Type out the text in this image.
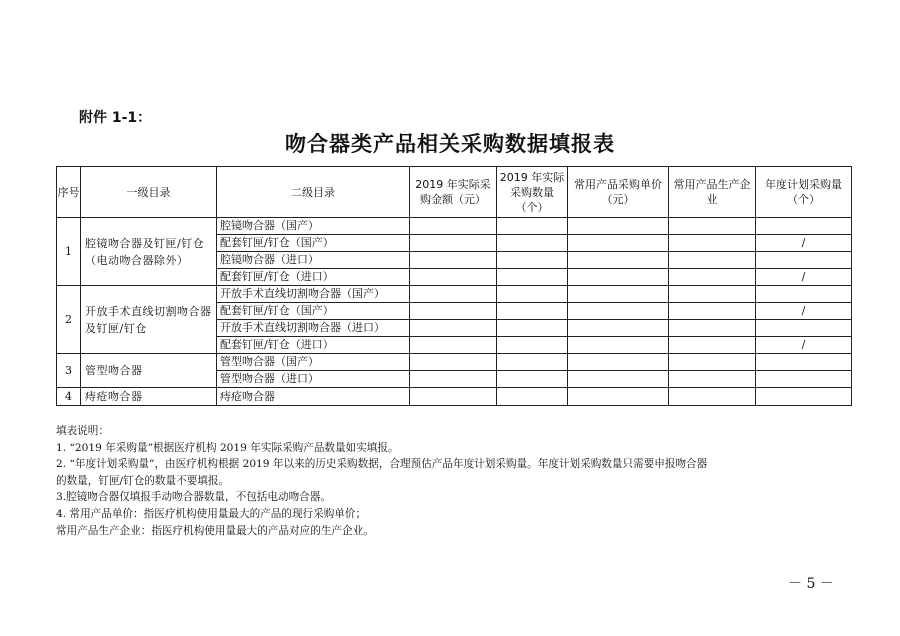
附件 1-1：
吻合器类产品相关采购数据填报表
序号	一级目录	二级目录	2019 年实际采购金额（元）	2019 年实际采购数量（个）	常用产品采购单价（元）	常用产品生产企业	年度计划采购量（个）
1	腔镜吻合器及钉匣/钉仓（电动吻合器除外）	腔镜吻合器（国产）					
		配套钉匣/钉仓（国产）					/
		腔镜吻合器（进口）					
		配套钉匣/钉仓（进口）					/
2	开放手术直线切割吻合器及钉匣/钉仓	开放手术直线切割吻合器（国产）					
		配套钉匣/钉仓（国产）					/
		开放手术直线切割吻合器（进口）					
		配套钉匣/钉仓（进口）					/
3	管型吻合器	管型吻合器（国产）					
		管型吻合器（进口）					
4	痔疮吻合器	痔疮吻合器					
填表说明：
1. “2019 年采购量”根据医疗机构 2019 年实际采购产品数量如实填报。
2. “年度计划采购量”，由医疗机构根据 2019 年以来的历史采购数据，合理预估产品年度计划采购量。年度计划采购数量只需要申报吻合器
的数量，钉匣/钉仓的数量不要填报。
3.腔镜吻合器仅填报手动吻合器数量，不包括电动吻合器。
4. 常用产品单价：指医疗机构使用量最大的产品的现行采购单价；
常用产品生产企业：指医疗机构使用量最大的产品对应的生产企业。
－ 5 －
